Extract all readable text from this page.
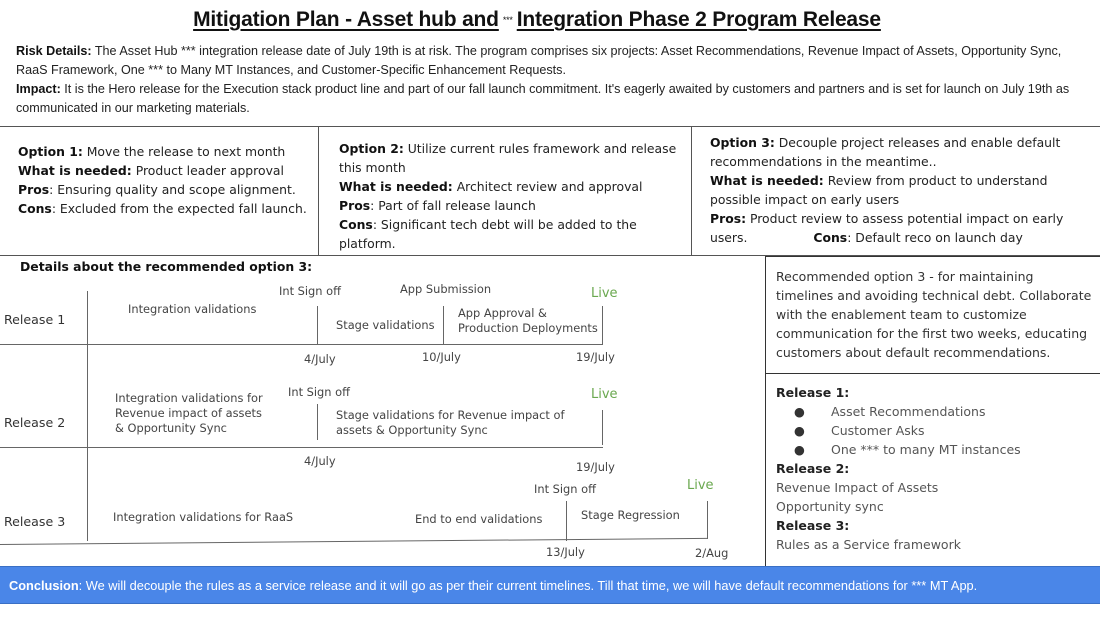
Mitigation Plan - Asset hub and *** Integration Phase 2 Program Release
Risk Details: The Asset Hub *** integration release date of July 19th is at risk. The program comprises six projects: Asset Recommendations, Revenue Impact of Assets, Opportunity Sync, RaaS Framework, One *** to Many MT Instances, and Customer-Specific Enhancement Requests.
Impact: It is the Hero release for the Execution stack product line and part of our fall launch commitment. It's eagerly awaited by customers and partners and is set for launch on July 19th as communicated in our marketing materials.
Option 1: Move the release to next month
What is needed: Product leader approval
Pros: Ensuring quality and scope alignment.
Cons: Excluded from the expected fall launch.
Option 2: Utilize current rules framework and release this month
What is needed: Architect review and approval
Pros: Part of fall release launch
Cons: Significant tech debt will be added to the platform.
Option 3: Decouple project releases and enable default recommendations in the meantime..
What is needed: Review from product to understand possible impact on early users
Pros: Product review to assess potential impact on early users.	Cons: Default reco on launch day
Details about the recommended option 3:
Release 1
Integration validations
Int Sign off
Stage validations
App Submission
App Approval &
Production Deployments
Live
4/July	10/July	19/July
Release 2
Integration validations for
Revenue impact of assets
& Opportunity Sync
Int Sign off
Stage validations for Revenue impact of
assets & Opportunity Sync
Live
4/July	19/July
Release 3	Integration validations for RaaS	End to end validations
Int Sign off
Stage Regression
Live
13/July	2/Aug
Recommended option 3 - for maintaining timelines and avoiding technical debt. Collaborate with the enablement team to customize communication for the first two weeks, educating customers about default recommendations.
Release 1:
●	Asset Recommendations
●	Customer Asks
●	One *** to many MT instances
Release 2:
Revenue Impact of Assets
Opportunity sync
Release 3:
Rules as a Service framework
Conclusion: We will decouple the rules as a service release and it will go as per their current timelines. Till that time, we will have default recommendations for *** MT App.
